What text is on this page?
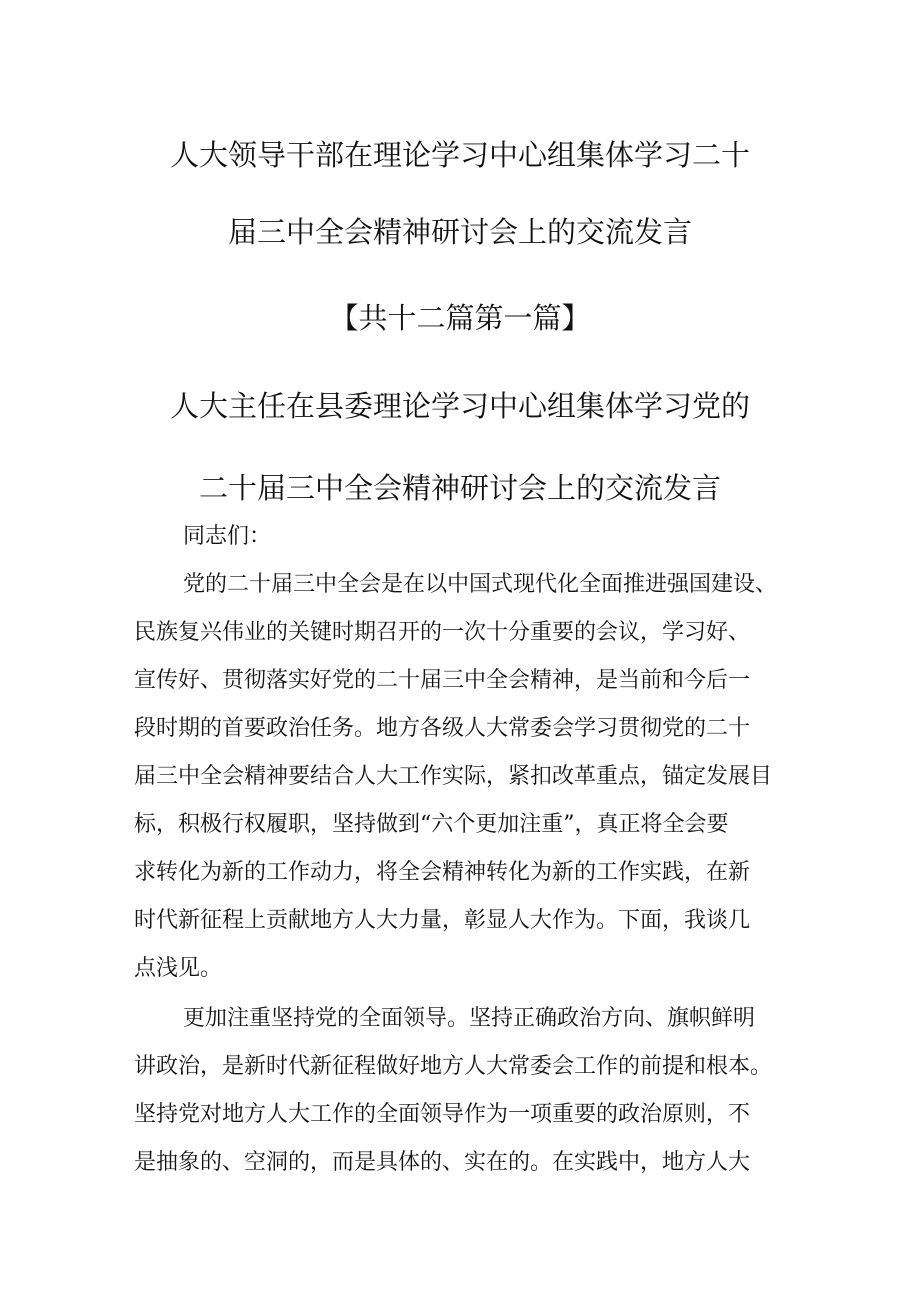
人大领导干部在理论学习中心组集体学习二十
届三中全会精神研讨会上的交流发言
【共十二篇第一篇】
人大主任在县委理论学习中心组集体学习党的
二十届三中全会精神研讨会上的交流发言
同志们：
党的二十届三中全会是在以中国式现代化全面推进强国建设、
民族复兴伟业的关键时期召开的一次十分重要的会议，学习好、
宣传好、贯彻落实好党的二十届三中全会精神，是当前和今后一
段时期的首要政治任务。地方各级人大常委会学习贯彻党的二十
届三中全会精神要结合人大工作实际，紧扣改革重点，锚定发展目
标，积极行权履职，坚持做到“六个更加注重”，真正将全会要
求转化为新的工作动力，将全会精神转化为新的工作实践，在新
时代新征程上贡献地方人大力量，彰显人大作为。下面，我谈几
点浅见。
更加注重坚持党的全面领导。坚持正确政治方向、旗帜鲜明
讲政治，是新时代新征程做好地方人大常委会工作的前提和根本。
坚持党对地方人大工作的全面领导作为一项重要的政治原则，不
是抽象的、空洞的，而是具体的、实在的。在实践中，地方人大
